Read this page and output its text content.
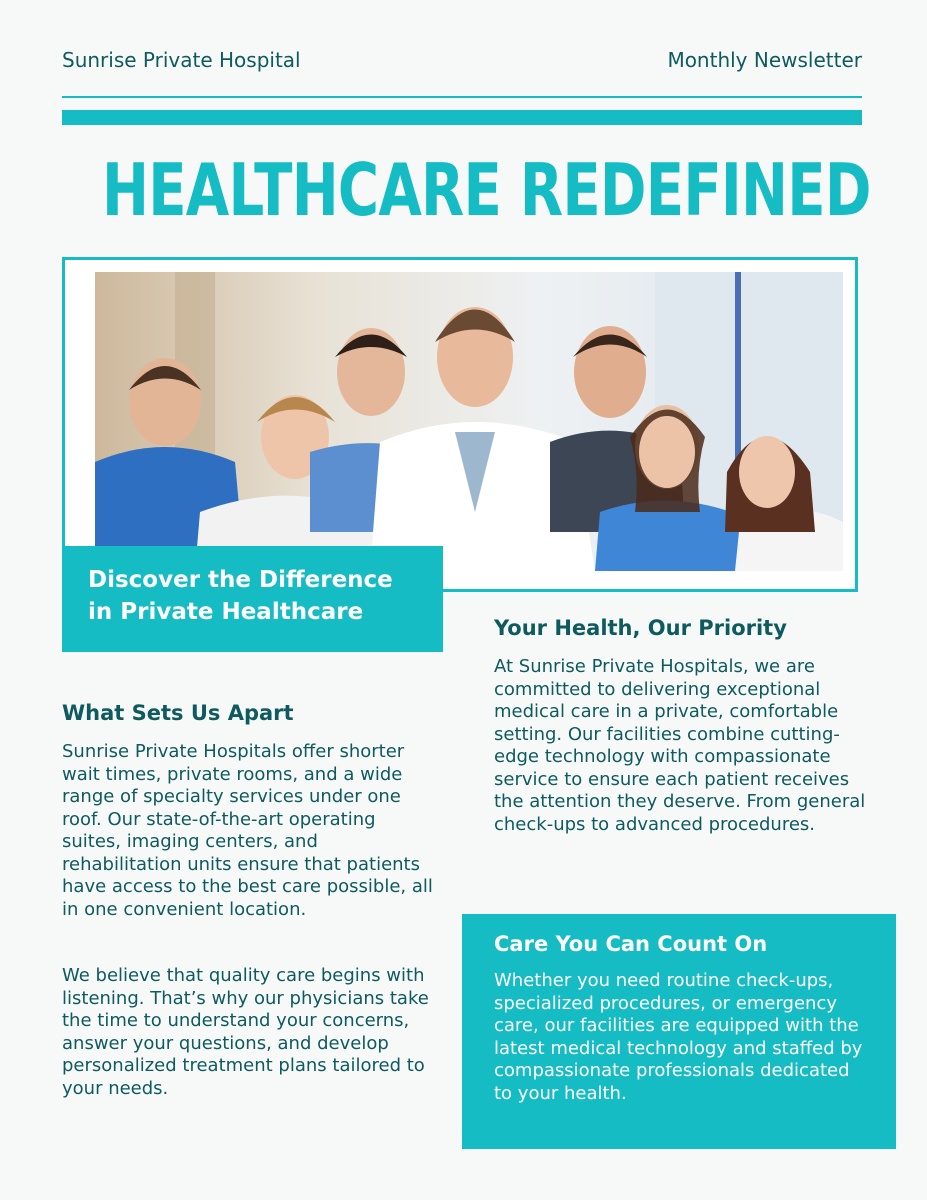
Sunrise Private Hospital	Monthly Newsletter
HEALTHCARE REDEFINED
Discover the Difference in Private Healthcare
Your Health, Our Priority

At Sunrise Private Hospitals, we are committed to delivering exceptional medical care in a private, comfortable setting. Our facilities combine cutting-edge technology with compassionate service to ensure each patient receives the attention they deserve. From general check-ups to advanced procedures.

What Sets Us Apart

Sunrise Private Hospitals offer shorter wait times, private rooms, and a wide range of specialty services under one roof. Our state-of-the-art operating suites, imaging centers, and rehabilitation units ensure that patients have access to the best care possible, all in one convenient location.

We believe that quality care begins with listening. That’s why our physicians take the time to understand your concerns, answer your questions, and develop personalized treatment plans tailored to your needs.

Care You Can Count On

Whether you need routine check-ups, specialized procedures, or emergency care, our facilities are equipped with the latest medical technology and staffed by compassionate professionals dedicated to your health.
